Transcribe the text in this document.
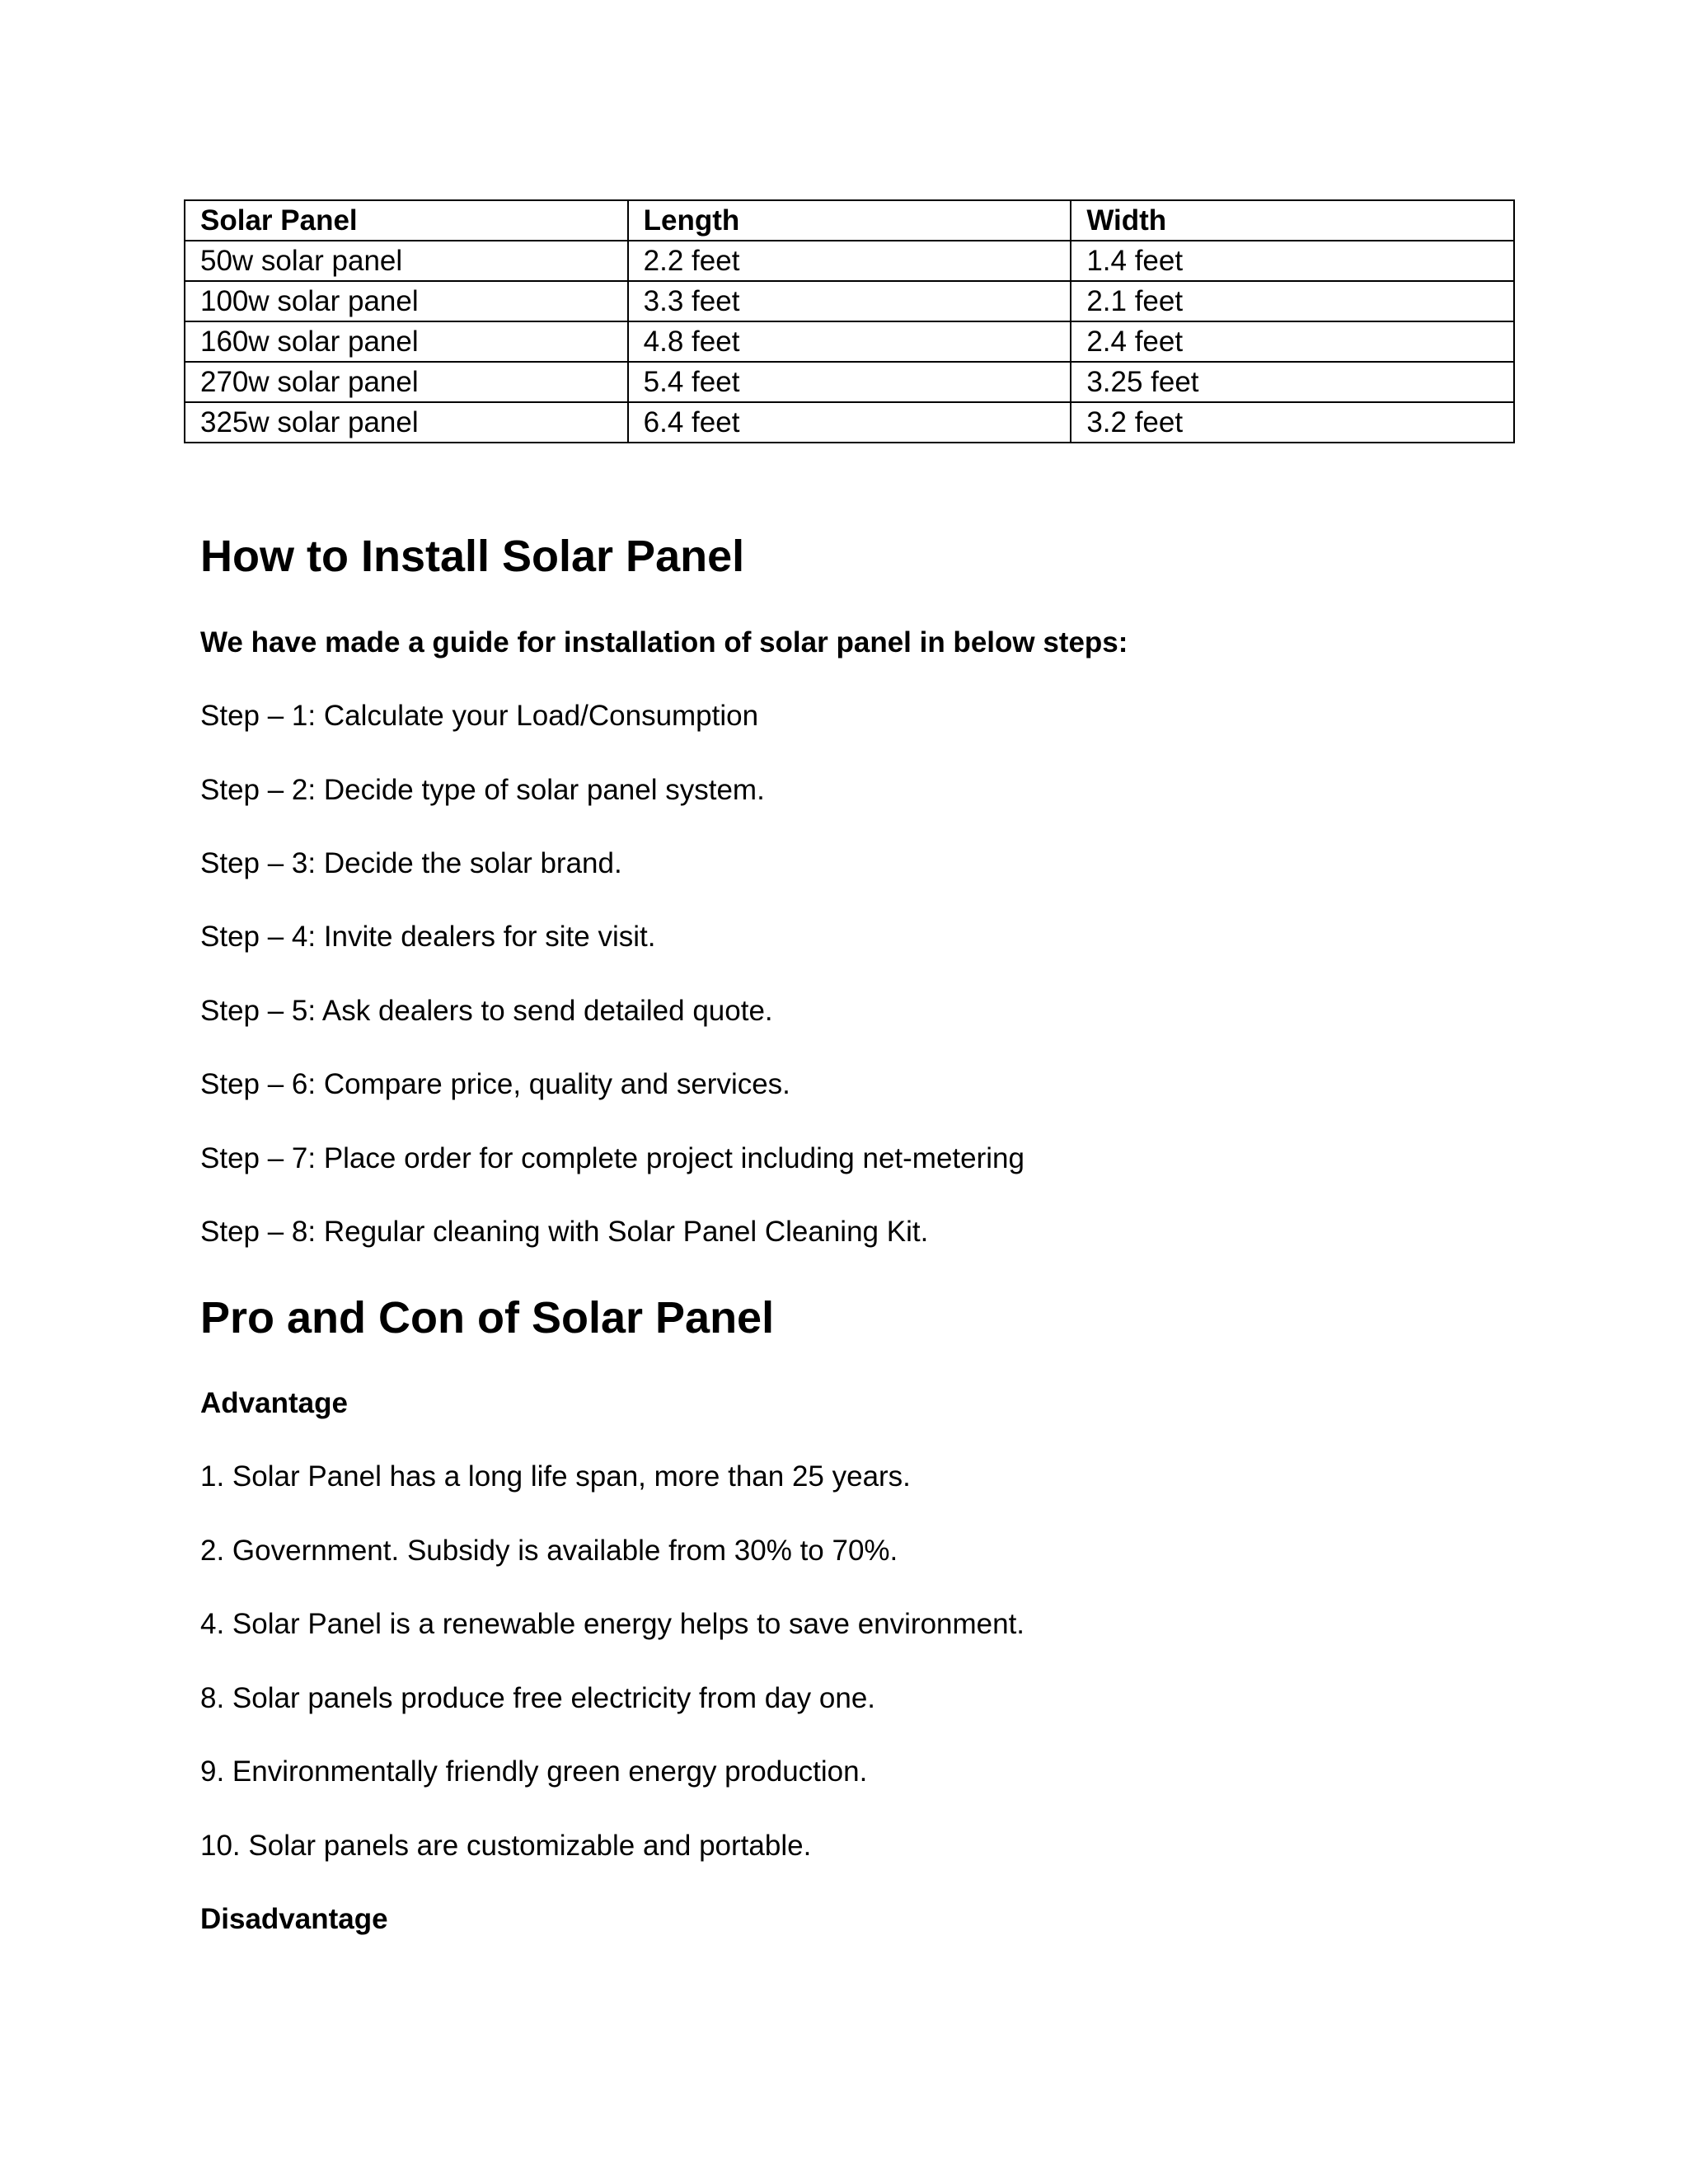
Solar Panel	Length	Width
50w solar panel	2.2 feet	1.4 feet
100w solar panel	3.3 feet	2.1 feet
160w solar panel	4.8 feet	2.4 feet
270w solar panel	5.4 feet	3.25 feet
325w solar panel	6.4 feet	3.2 feet
How to Install Solar Panel

We have made a guide for installation of solar panel in below steps:

Step – 1: Calculate your Load/Consumption

Step – 2: Decide type of solar panel system.

Step – 3: Decide the solar brand.

Step – 4: Invite dealers for site visit.

Step – 5: Ask dealers to send detailed quote.

Step – 6: Compare price, quality and services.

Step – 7: Place order for complete project including net-metering

Step – 8: Regular cleaning with Solar Panel Cleaning Kit.

Pro and Con of Solar Panel

Advantage

1. Solar Panel has a long life span, more than 25 years.

2. Government. Subsidy is available from 30% to 70%.

4. Solar Panel is a renewable energy helps to save environment.

8. Solar panels produce free electricity from day one.

9. Environmentally friendly green energy production.

10. Solar panels are customizable and portable.

Disadvantage
